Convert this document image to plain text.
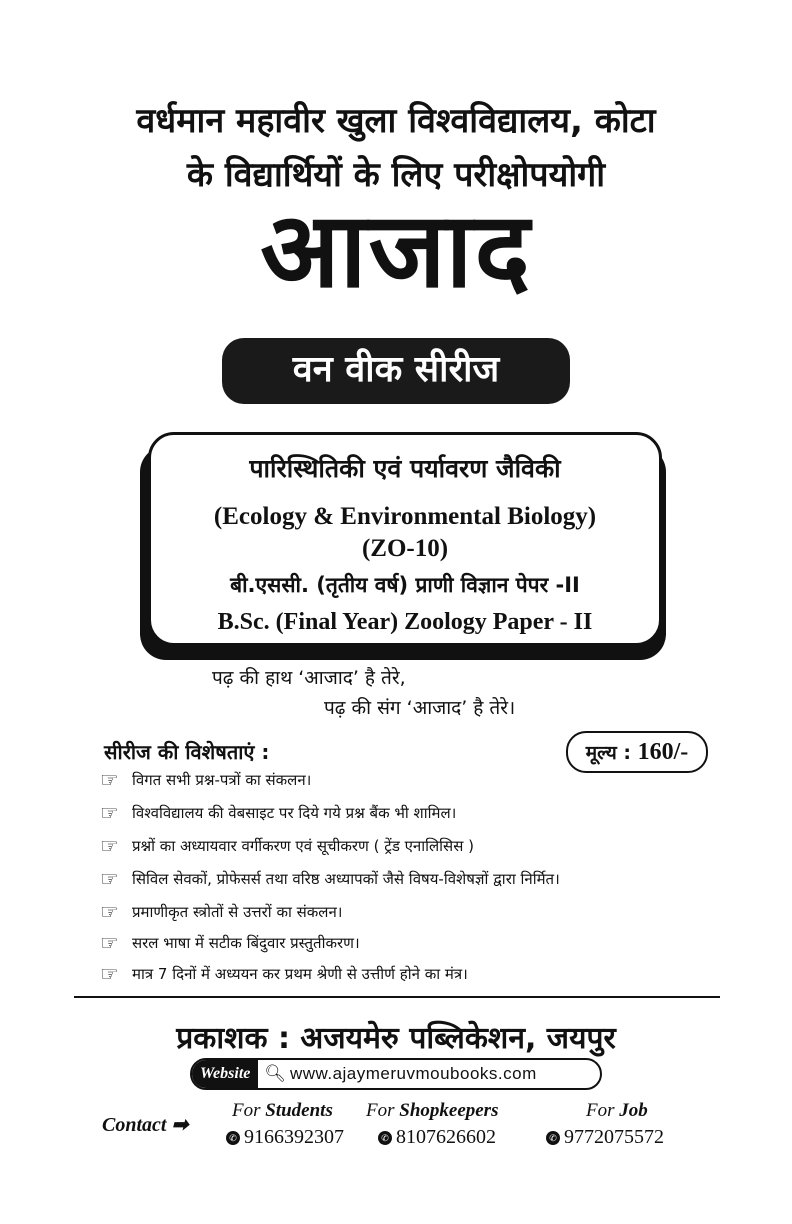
वर्धमान महावीर खुला विश्वविद्यालय, कोटा
के विद्यार्थियों के लिए परीक्षोपयोगी
आजाद
वन वीक सीरीज
पारिस्थितिकी एवं पर्यावरण जैविकी
(Ecology & Environmental Biology)
(ZO-10)
बी.एससी. (तृतीय वर्ष) प्राणी विज्ञान पेपर -II
B.Sc. (Final Year) Zoology Paper - II
पढ़ की हाथ ‘आजाद’ है तेरे,
पढ़ की संग ‘आजाद’ है तेरे।
सीरीज की विशेषताएं :	मूल्य : 160/-
☞ विगत सभी प्रश्न-पत्रों का संकलन।
☞ विश्वविद्यालय की वेबसाइट पर दिये गये प्रश्न बैंक भी शामिल।
☞ प्रश्नों का अध्यायवार वर्गीकरण एवं सूचीकरण ( ट्रेंड एनालिसिस )
☞ सिविल सेवकों, प्रोफेसर्स तथा वरिष्ठ अध्यापकों जैसे विषय-विशेषज्ञों द्वारा निर्मित।
☞ प्रमाणीकृत स्त्रोतों से उत्तरों का संकलन।
☞ सरल भाषा में सटीक बिंदुवार प्रस्तुतीकरण।
☞ मात्र 7 दिनों में अध्ययन कर प्रथम श्रेणी से उत्तीर्ण होने का मंत्र।
प्रकाशक : अजयमेरु पब्लिकेशन, जयपुर
Website 🔍︎ www.ajaymeruvmoubooks.com
Contact ➡
For Students
✆ 9166392307
For Shopkeepers
✆ 8107626602
For Job
✆ 9772075572
